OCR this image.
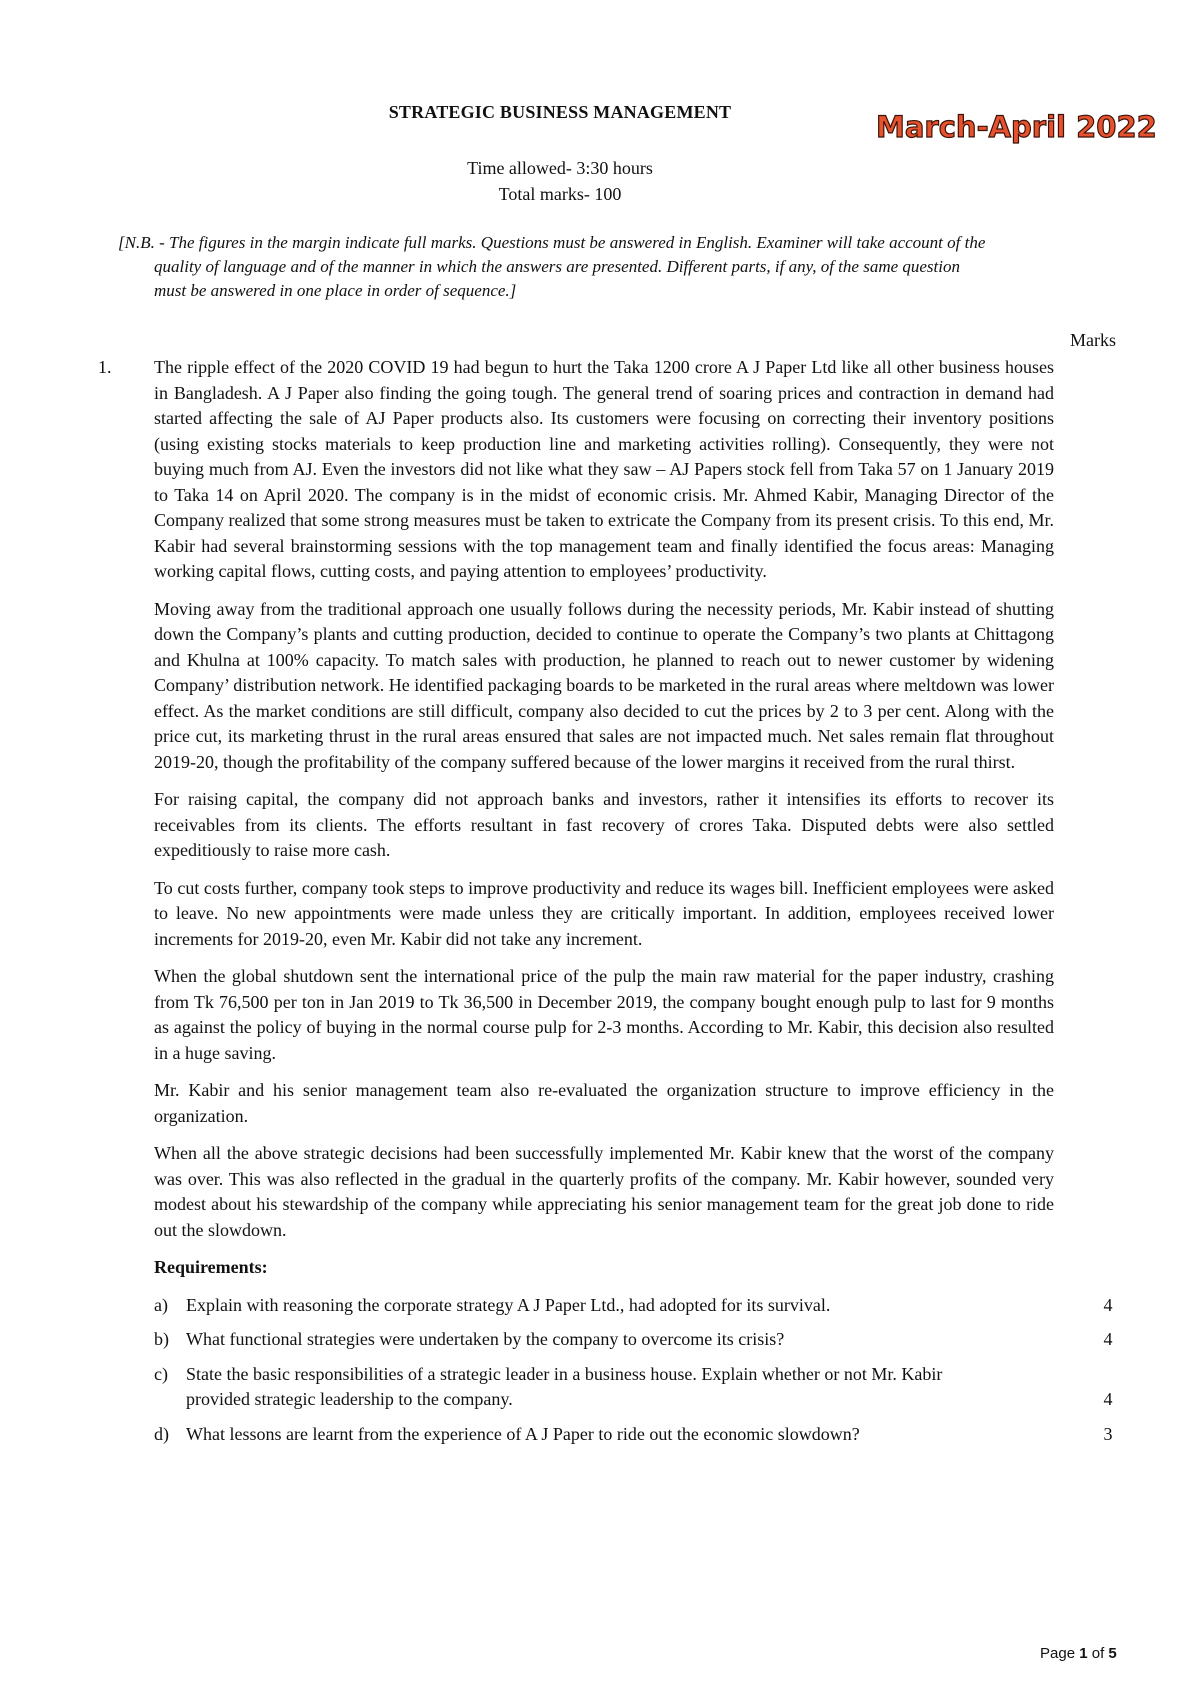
STRATEGIC BUSINESS MANAGEMENT	March-April 2022
Time allowed- 3:30 hours
Total marks- 100
[N.B. - The figures in the margin indicate full marks. Questions must be answered in English. Examiner will take account of the
quality of language and of the manner in which the answers are presented. Different parts, if any, of the same question
must be answered in one place in order of sequence.]
Marks
1. The ripple effect of the 2020 COVID 19 had begun to hurt the Taka 1200 crore A J Paper Ltd like all other business houses in Bangladesh. A J Paper also finding the going tough. The general trend of soaring prices and contraction in demand had started affecting the sale of AJ Paper products also. Its customers were focusing on correcting their inventory positions (using existing stocks materials to keep production line and marketing activities rolling). Consequently, they were not buying much from AJ. Even the investors did not like what they saw – AJ Papers stock fell from Taka 57 on 1 January 2019 to Taka 14 on April 2020. The company is in the midst of economic crisis. Mr. Ahmed Kabir, Managing Director of the Company realized that some strong measures must be taken to extricate the Company from its present crisis. To this end, Mr. Kabir had several brainstorming sessions with the top management team and finally identified the focus areas: Managing working capital flows, cutting costs, and paying attention to employees’ productivity.

Moving away from the traditional approach one usually follows during the necessity periods, Mr. Kabir instead of shutting down the Company’s plants and cutting production, decided to continue to operate the Company’s two plants at Chittagong and Khulna at 100% capacity. To match sales with production, he planned to reach out to newer customer by widening Company’ distribution network. He identified packaging boards to be marketed in the rural areas where meltdown was lower effect. As the market conditions are still difficult, company also decided to cut the prices by 2 to 3 per cent. Along with the price cut, its marketing thrust in the rural areas ensured that sales are not impacted much. Net sales remain flat throughout 2019-20, though the profitability of the company suffered because of the lower margins it received from the rural thirst.

For raising capital, the company did not approach banks and investors, rather it intensifies its efforts to recover its receivables from its clients. The efforts resultant in fast recovery of crores Taka. Disputed debts were also settled expeditiously to raise more cash.

To cut costs further, company took steps to improve productivity and reduce its wages bill. Inefficient employees were asked to leave. No new appointments were made unless they are critically important. In addition, employees received lower increments for 2019-20, even Mr. Kabir did not take any increment.

When the global shutdown sent the international price of the pulp the main raw material for the paper industry, crashing from Tk 76,500 per ton in Jan 2019 to Tk 36,500 in December 2019, the company bought enough pulp to last for 9 months as against the policy of buying in the normal course pulp for 2-3 months. According to Mr. Kabir, this decision also resulted in a huge saving.

Mr. Kabir and his senior management team also re-evaluated the organization structure to improve efficiency in the organization.

When all the above strategic decisions had been successfully implemented Mr. Kabir knew that the worst of the company was over. This was also reflected in the gradual in the quarterly profits of the company. Mr. Kabir however, sounded very modest about his stewardship of the company while appreciating his senior management team for the great job done to ride out the slowdown.

Requirements:
a) Explain with reasoning the corporate strategy A J Paper Ltd., had adopted for its survival.	4
b) What functional strategies were undertaken by the company to overcome its crisis?	4
c) State the basic responsibilities of a strategic leader in a business house. Explain whether or not Mr. Kabir provided strategic leadership to the company.	4
d) What lessons are learnt from the experience of A J Paper to ride out the economic slowdown?	3
Page 1 of 5
